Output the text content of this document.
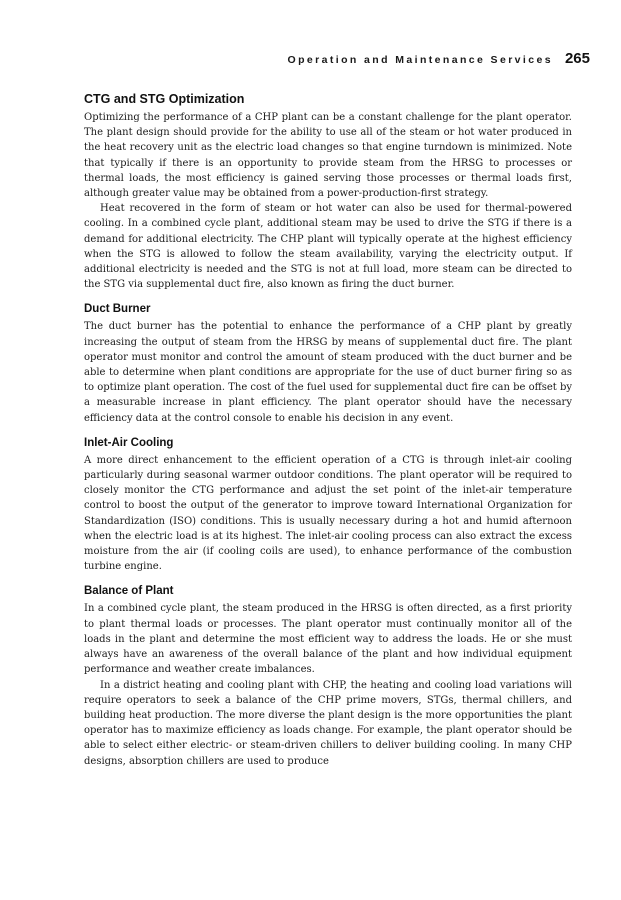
Operation and Maintenance Services 265
CTG and STG Optimization

Optimizing the performance of a CHP plant can be a constant challenge for the plant operator. The plant design should provide for the ability to use all of the steam or hot water produced in the heat recovery unit as the electric load changes so that engine turndown is minimized. Note that typically if there is an opportunity to provide steam from the HRSG to processes or thermal loads, the most efficiency is gained serving those processes or thermal loads first, although greater value may be obtained from a power-production-first strategy.

Heat recovered in the form of steam or hot water can also be used for thermal-powered cooling. In a combined cycle plant, additional steam may be used to drive the STG if there is a demand for additional electricity. The CHP plant will typically operate at the highest efficiency when the STG is allowed to follow the steam availability, varying the electricity output. If additional electricity is needed and the STG is not at full load, more steam can be directed to the STG via supplemental duct fire, also known as firing the duct burner.

Duct Burner

The duct burner has the potential to enhance the performance of a CHP plant by greatly increasing the output of steam from the HRSG by means of supplemental duct fire. The plant operator must monitor and control the amount of steam produced with the duct burner and be able to determine when plant conditions are appropriate for the use of duct burner firing so as to optimize plant operation. The cost of the fuel used for supplemental duct fire can be offset by a measurable increase in plant efficiency. The plant operator should have the necessary efficiency data at the control console to enable his decision in any event.

Inlet-Air Cooling

A more direct enhancement to the efficient operation of a CTG is through inlet-air cooling particularly during seasonal warmer outdoor conditions. The plant operator will be required to closely monitor the CTG performance and adjust the set point of the inlet-air temperature control to boost the output of the generator to improve toward International Organization for Standardization (ISO) conditions. This is usually necessary during a hot and humid afternoon when the electric load is at its highest. The inlet-air cooling process can also extract the excess moisture from the air (if cooling coils are used), to enhance performance of the combustion turbine engine.

Balance of Plant

In a combined cycle plant, the steam produced in the HRSG is often directed, as a first priority to plant thermal loads or processes. The plant operator must continually monitor all of the loads in the plant and determine the most efficient way to address the loads. He or she must always have an awareness of the overall balance of the plant and how individual equipment performance and weather create imbalances.

In a district heating and cooling plant with CHP, the heating and cooling load variations will require operators to seek a balance of the CHP prime movers, STGs, thermal chillers, and building heat production. The more diverse the plant design is the more opportunities the plant operator has to maximize efficiency as loads change. For example, the plant operator should be able to select either electric- or steam-driven chillers to deliver building cooling. In many CHP designs, absorption chillers are used to produce
